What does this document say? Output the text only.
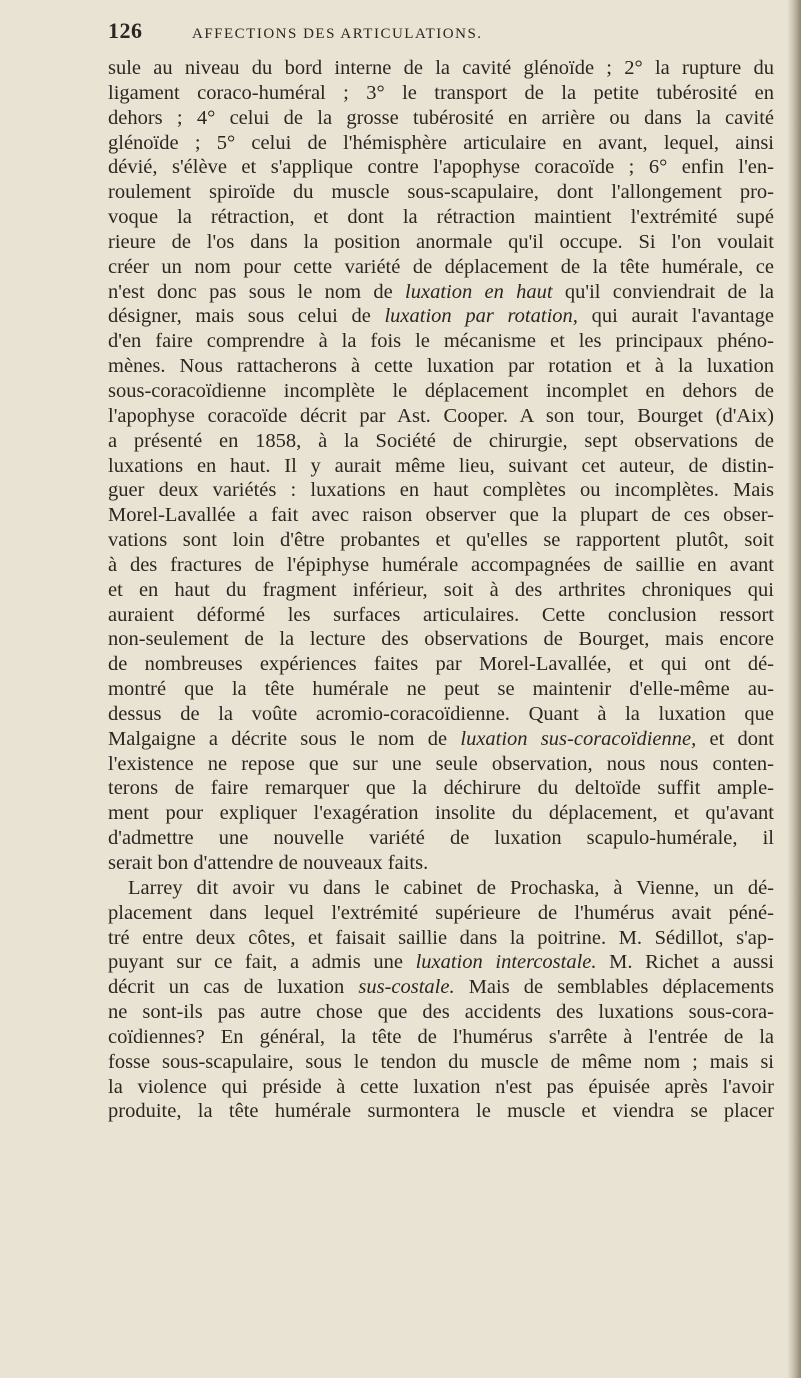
126	AFFECTIONS DES ARTICULATIONS.
sule au niveau du bord interne de la cavité glénoïde ; 2° la rupture du
ligament coraco-huméral ; 3° le transport de la petite tubérosité en
dehors ; 4° celui de la grosse tubérosité en arrière ou dans la cavité
glénoïde ; 5° celui de l'hémisphère articulaire en avant, lequel, ainsi
dévié, s'élève et s'applique contre l'apophyse coracoïde ; 6° enfin l'en-
roulement spiroïde du muscle sous-scapulaire, dont l'allongement pro-
voque la rétraction, et dont la rétraction maintient l'extrémité supé
rieure de l'os dans la position anormale qu'il occupe. Si l'on voulait
créer un nom pour cette variété de déplacement de la tête humérale, ce
n'est donc pas sous le nom de luxation en haut qu'il conviendrait de la
désigner, mais sous celui de luxation par rotation, qui aurait l'avantage
d'en faire comprendre à la fois le mécanisme et les principaux phéno-
mènes. Nous rattacherons à cette luxation par rotation et à la luxation
sous-coracoïdienne incomplète le déplacement incomplet en dehors de
l'apophyse coracoïde décrit par Ast. Cooper. A son tour, Bourget (d'Aix)
a présenté en 1858, à la Société de chirurgie, sept observations de
luxations en haut. Il y aurait même lieu, suivant cet auteur, de distin-
guer deux variétés : luxations en haut complètes ou incomplètes. Mais
Morel-Lavallée a fait avec raison observer que la plupart de ces obser-
vations sont loin d'être probantes et qu'elles se rapportent plutôt, soit
à des fractures de l'épiphyse humérale accompagnées de saillie en avant
et en haut du fragment inférieur, soit à des arthrites chroniques qui
auraient déformé les surfaces articulaires. Cette conclusion ressort
non-seulement de la lecture des observations de Bourget, mais encore
de nombreuses expériences faites par Morel-Lavallée, et qui ont dé-
montré que la tête humérale ne peut se maintenir d'elle-même au-
dessus de la voûte acromio-coracoïdienne. Quant à la luxation que
Malgaigne a décrite sous le nom de luxation sus-coracoïdienne, et dont
l'existence ne repose que sur une seule observation, nous nous conten-
terons de faire remarquer que la déchirure du deltoïde suffit ample-
ment pour expliquer l'exagération insolite du déplacement, et qu'avant
d'admettre une nouvelle variété de luxation scapulo-humérale, il
serait bon d'attendre de nouveaux faits.
Larrey dit avoir vu dans le cabinet de Prochaska, à Vienne, un dé-
placement dans lequel l'extrémité supérieure de l'humérus avait péné-
tré entre deux côtes, et faisait saillie dans la poitrine. M. Sédillot, s'ap-
puyant sur ce fait, a admis une luxation intercostale. M. Richet a aussi
décrit un cas de luxation sus-costale. Mais de semblables déplacements
ne sont-ils pas autre chose que des accidents des luxations sous-cora-
coïdiennes? En général, la tête de l'humérus s'arrête à l'entrée de la
fosse sous-scapulaire, sous le tendon du muscle de même nom ; mais si
la violence qui préside à cette luxation n'est pas épuisée après l'avoir
produite, la tête humérale surmontera le muscle et viendra se placer
